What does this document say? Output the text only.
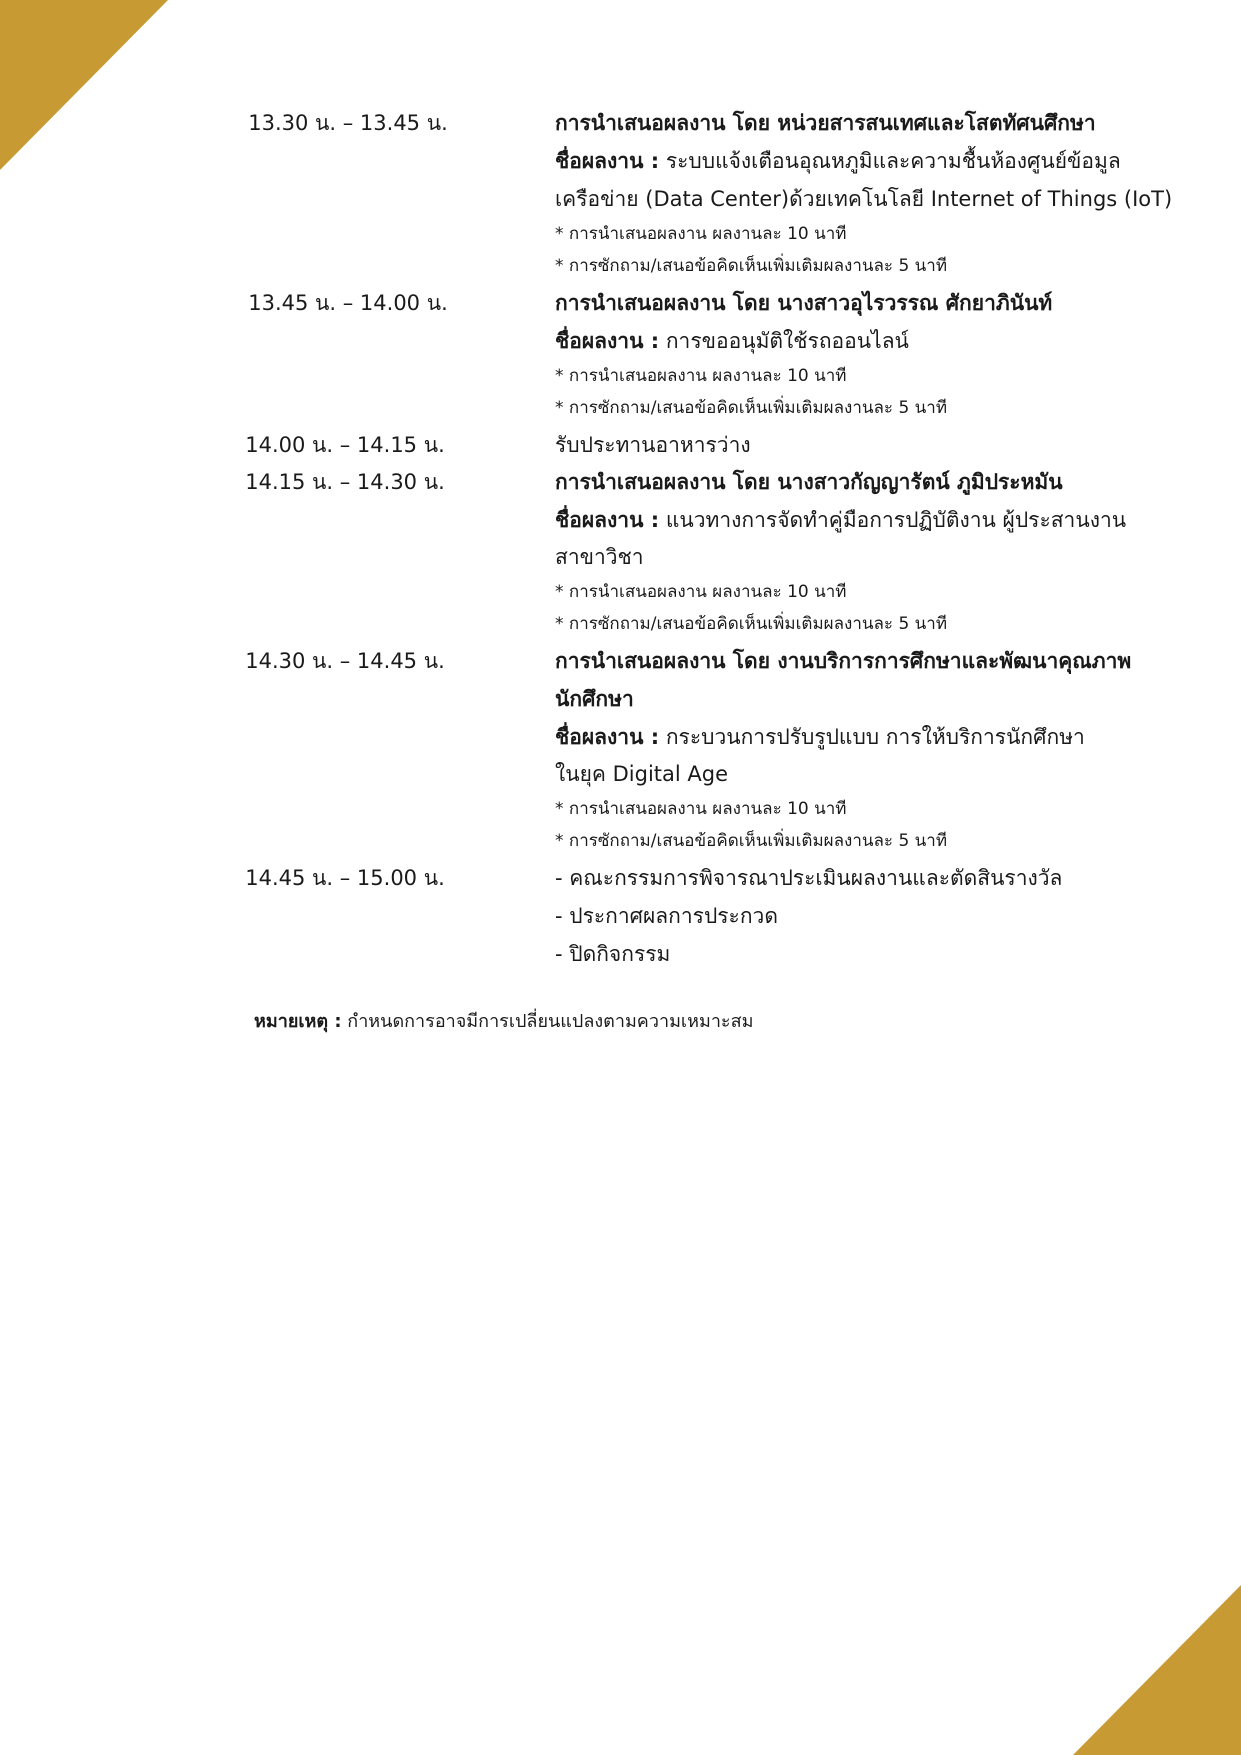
13.30 น. – 13.45 น.	การนำเสนอผลงาน โดย หน่วยสารสนเทศและโสตทัศนศึกษา
ชื่อผลงาน : ระบบแจ้งเตือนอุณหภูมิและความชื้นห้องศูนย์ข้อมูล
เครือข่าย (Data Center)ด้วยเทคโนโลยี Internet of Things (IoT)
* การนำเสนอผลงาน ผลงานละ 10 นาที
* การซักถาม/เสนอข้อคิดเห็นเพิ่มเติมผลงานละ 5 นาที
13.45 น. – 14.00 น.	การนำเสนอผลงาน โดย นางสาวอุไรวรรณ ศักยาภินันท์
ชื่อผลงาน : การขออนุมัติใช้รถออนไลน์
* การนำเสนอผลงาน ผลงานละ 10 นาที
* การซักถาม/เสนอข้อคิดเห็นเพิ่มเติมผลงานละ 5 นาที
14.00 น. – 14.15 น.	รับประทานอาหารว่าง
14.15 น. – 14.30 น.	การนำเสนอผลงาน โดย นางสาวกัญญารัตน์ ภูมิประหมัน
ชื่อผลงาน : แนวทางการจัดทำคู่มือการปฏิบัติงาน ผู้ประสานงาน
สาขาวิชา
* การนำเสนอผลงาน ผลงานละ 10 นาที
* การซักถาม/เสนอข้อคิดเห็นเพิ่มเติมผลงานละ 5 นาที
14.30 น. – 14.45 น.	การนำเสนอผลงาน โดย งานบริการการศึกษาและพัฒนาคุณภาพ
นักศึกษา
ชื่อผลงาน : กระบวนการปรับรูปแบบ การให้บริการนักศึกษา
ในยุค Digital Age
* การนำเสนอผลงาน ผลงานละ 10 นาที
* การซักถาม/เสนอข้อคิดเห็นเพิ่มเติมผลงานละ 5 นาที
14.45 น. – 15.00 น.	- คณะกรรมการพิจารณาประเมินผลงานและตัดสินรางวัล
- ประกาศผลการประกวด
- ปิดกิจกรรม
หมายเหตุ : กำหนดการอาจมีการเปลี่ยนแปลงตามความเหมาะสม
